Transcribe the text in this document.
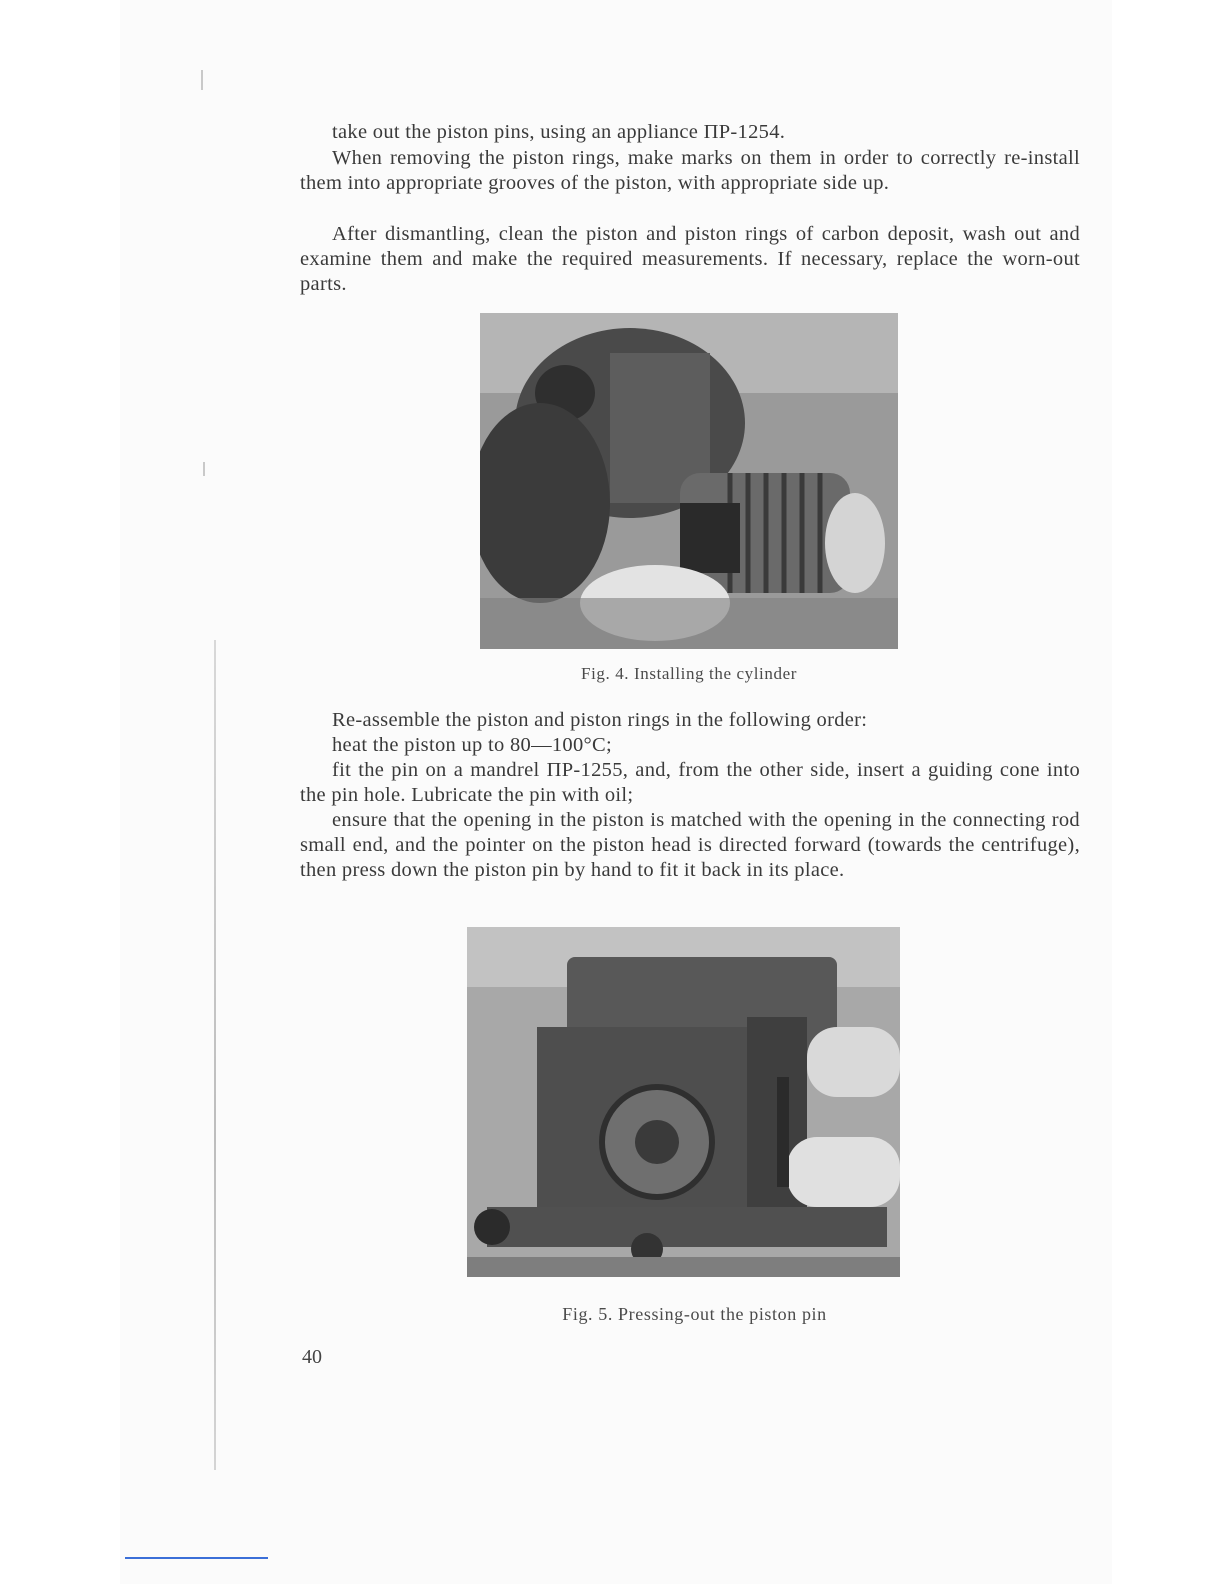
take out the piston pins, using an appliance ПР-1254.

When removing the piston rings, make marks on them in order to correctly re-install them into appropriate grooves of the piston, with appropriate side up.

After dismantling, clean the piston and piston rings of carbon deposit, wash out and examine them and make the required measurements. If necessary, replace the worn-out parts.

Fig. 4. Installing the cylinder

Re-assemble the piston and piston rings in the following order:

heat the piston up to 80—100°C;

fit the pin on a mandrel ПР-1255, and, from the other side, insert a guiding cone into the pin hole. Lubricate the pin with oil;

ensure that the opening in the piston is matched with the opening in the connecting rod small end, and the pointer on the piston head is directed forward (towards the centrifuge), then press down the piston pin by hand to fit it back in its place.

Fig. 5. Pressing-out the piston pin
40
